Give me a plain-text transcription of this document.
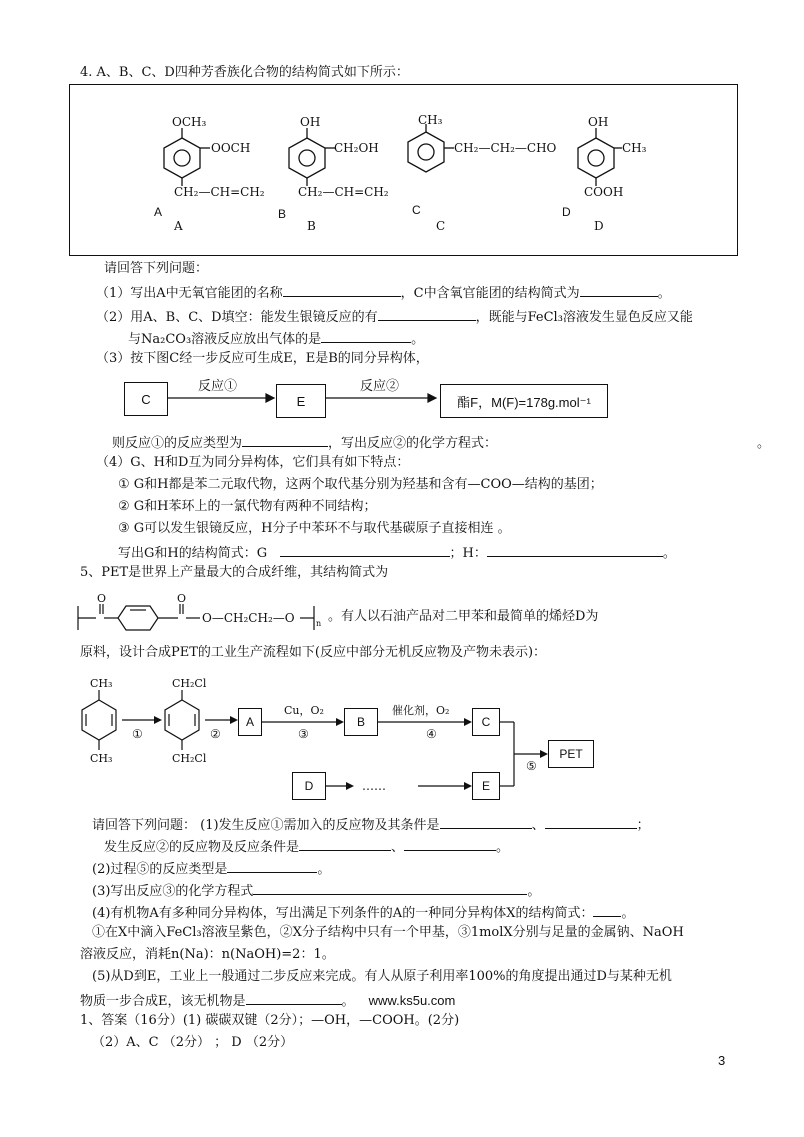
4. A、B、C、D四种芳香族化合物的结构简式如下所示：
OCH₃
OOCH
CH₂—CH=CH₂
A
A
OH
CH₂OH
CH₂—CH=CH₂
B
B
CH₃
CH₂—CH₂—CHO
C
C
OH
CH₃
COOH
D
D
请回答下列问题：
（1）写出A中无氧官能团的名称	，C中含氧官能团的结构简式为	。
（2）用A、B、C、D填空：能发生银镜反应的有	，既能与FeCl₃溶液发生显色反应又能
与Na₂CO₃溶液反应放出气体的是	。
（3）按下图C经一步反应可生成E，E是B的同分异构体，
C
反应①
E
反应②
酯F，M(F)=178g.mol⁻¹
则反应①的反应类型为	，写出反应②的化学方程式：	。
（4）G、H和D互为同分异构体，它们具有如下特点：
① G和H都是苯二元取代物，这两个取代基分别为羟基和含有—COO—结构的基团；
② G和H苯环上的一氯代物有两种不同结构；
③ G可以发生银镜反应，H分子中苯环不与取代基碳原子直接相连 。
写出G和H的结构简式：G	；H：	。
5、PET是世界上产量最大的合成纤维，其结构简式为
O	O
O—CH₂CH₂—O	n 。有人以石油产品对二甲苯和最简单的烯烃D为
原料，设计合成PET的工业生产流程如下(反应中部分无机反应物及产物未表示)：
CH₃
CH₃
CH₂Cl
CH₂Cl
①	②
Cu，O₂
③
催化剂，O₂
④
⑤
……
A	B	C
PET
D	E
请回答下列问题： (1)发生反应①需加入的反应物及其条件是	、	；
发生反应②的反应物及反应条件是	、	。
(2)过程⑤的反应类型是	。
(3)写出反应③的化学方程式	。
(4)有机物A有多种同分异构体，写出满足下列条件的A的一种同分异构体X的结构简式： 。
①在X中滴入FeCl₃溶液呈紫色，②X分子结构中只有一个甲基，③1molX分别与足量的金属钠、NaOH
溶液反应，消耗n(Na)：n(NaOH)=2：1。
(5)从D到E，工业上一般通过二步反应来完成。有人从原子利用率100%的角度提出通过D与某种无机
物质一步合成E，该无机物是	。 www.ks5u.com
1、答案（16分）(1) 碳碳双键（2分）；—OH，—COOH。(2分)
（2）A、C （2分） ； D （2分）
3
